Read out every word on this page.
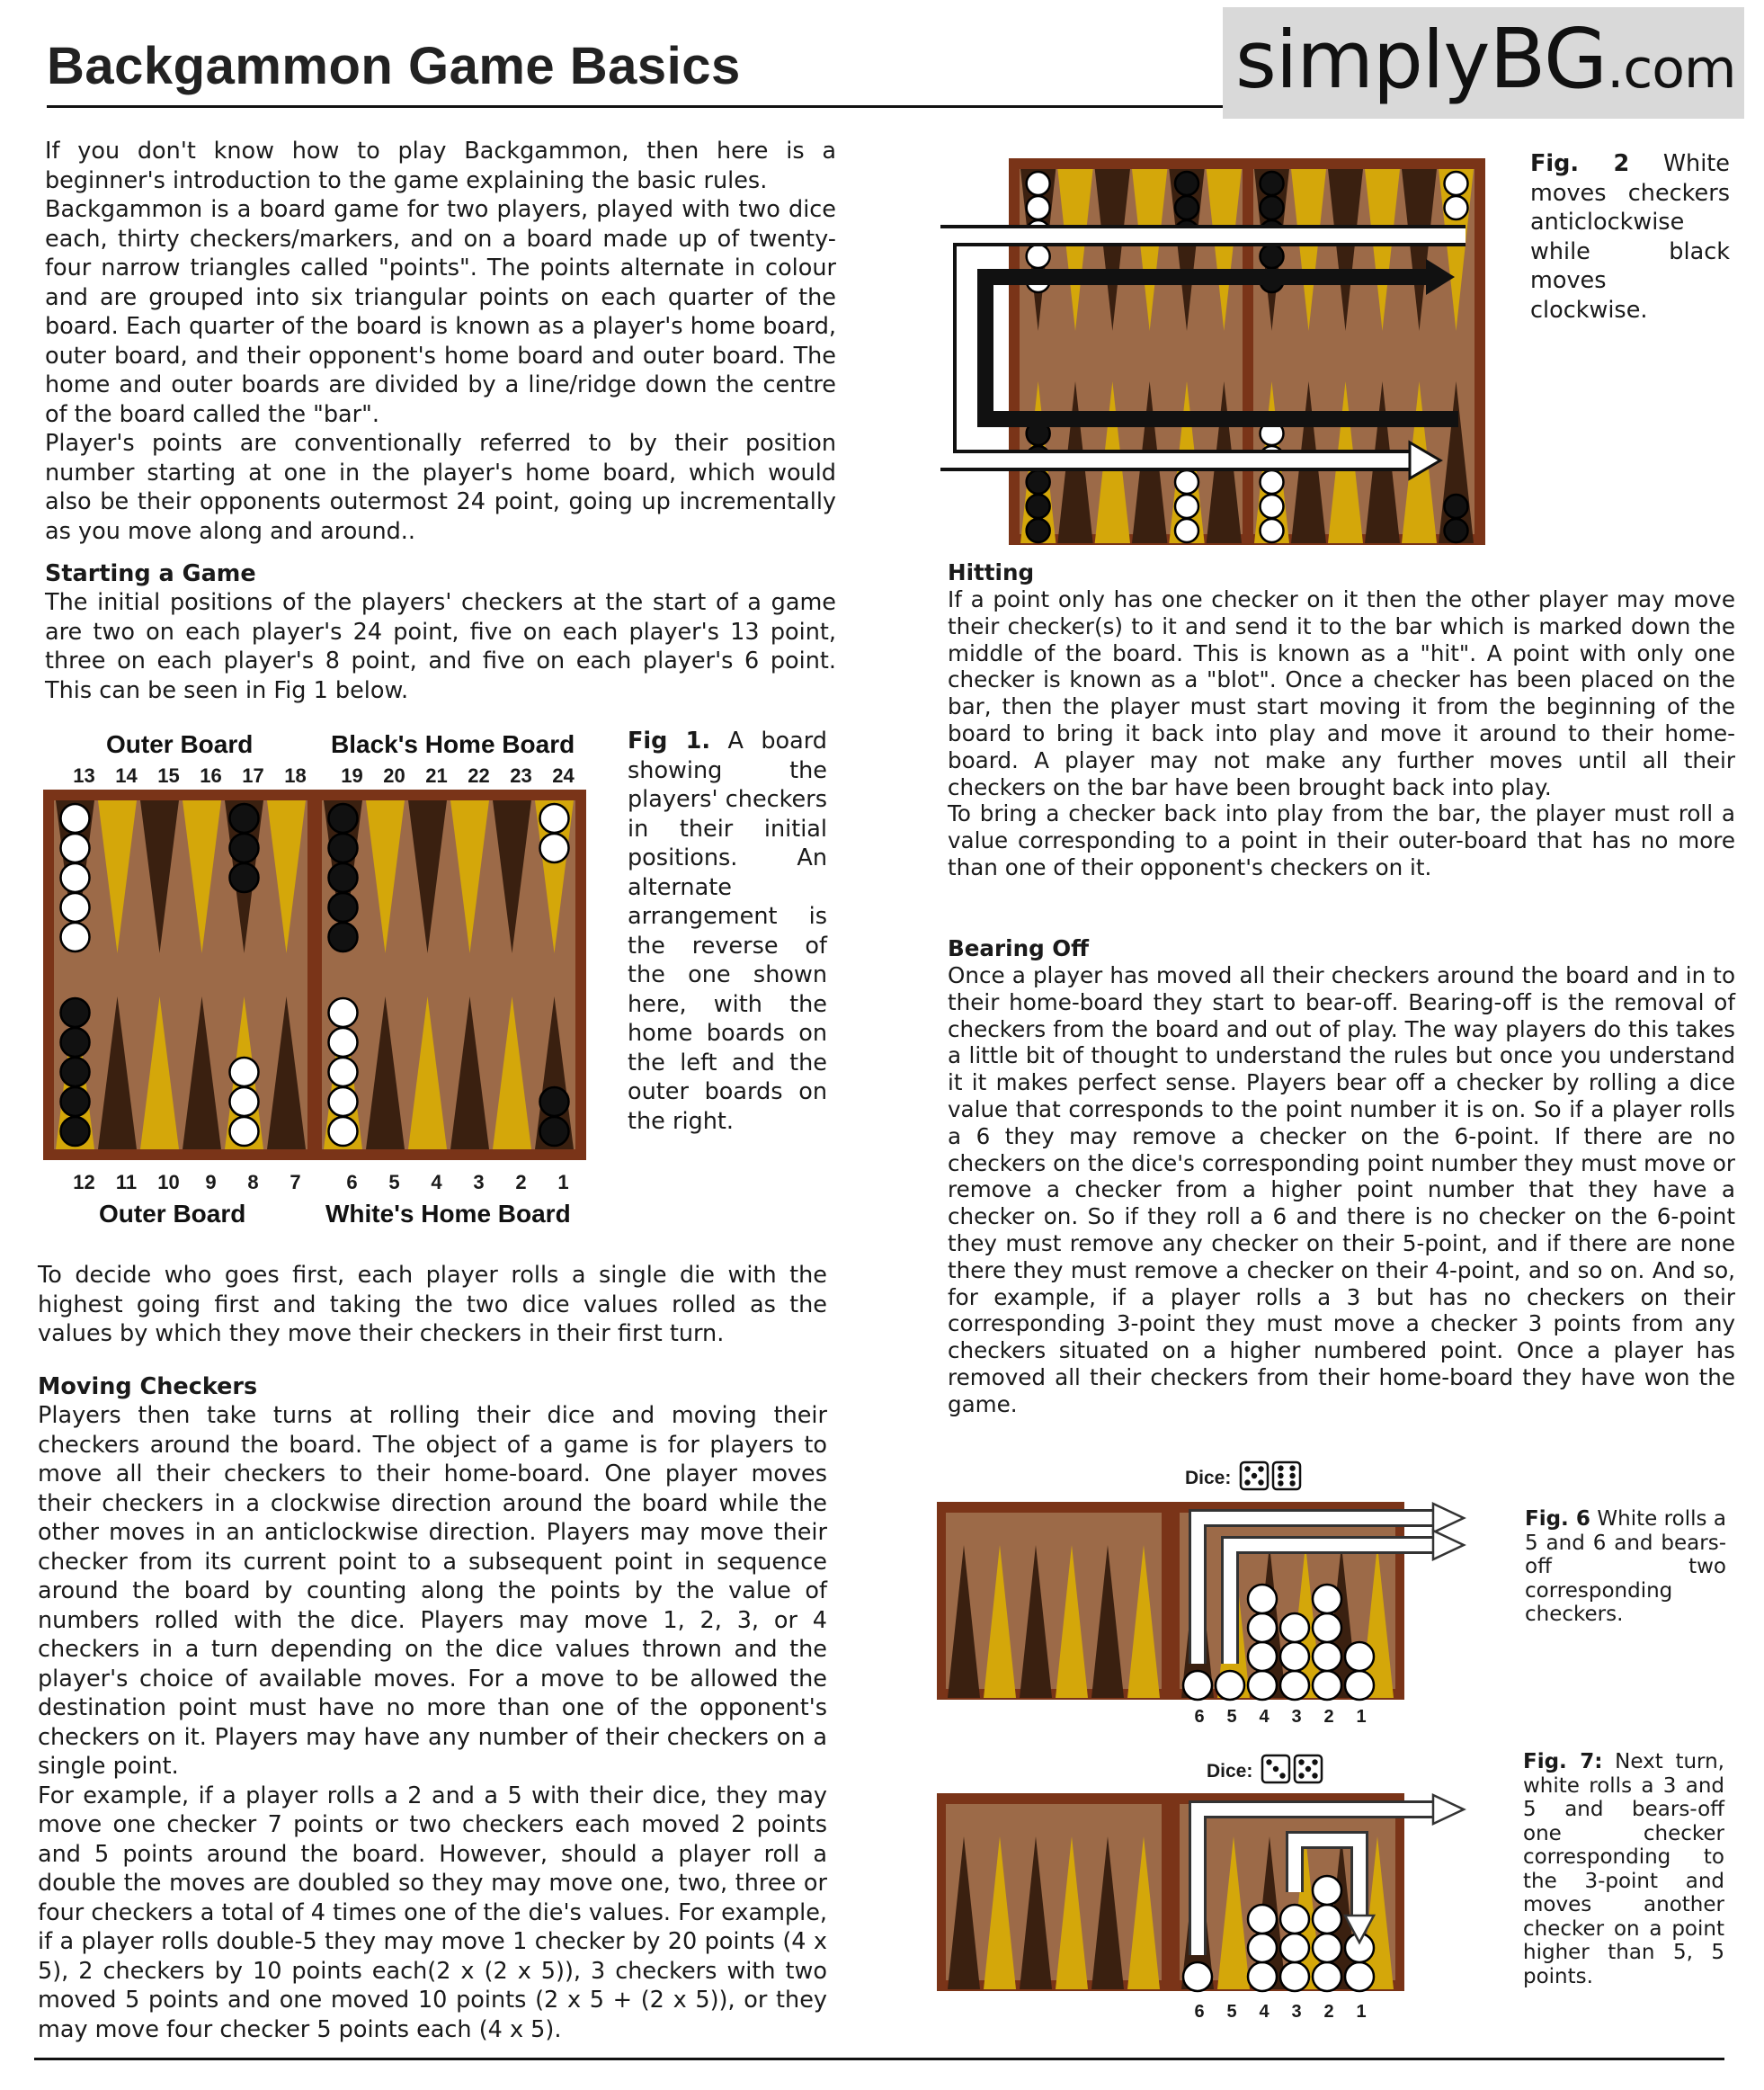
Backgammon Game Basics	simplyBG.com

If you don't know how to play Backgammon, then here is a beginner's introduction to the game explaining the basic rules.

Backgammon is a board game for two players, played with two dice each, thirty checkers/markers, and on a board made up of twenty-four narrow triangles called "points". The points alternate in colour and are grouped into six triangular points on each quarter of the board. Each quarter of the board is known as a player's home board, outer board, and their opponent's home board and outer board. The home and outer boards are divided by a line/ridge down the centre of the board called the "bar".

Player's points are conventionally referred to by their position number starting at one in the player's home board, which would also be their opponents outermost 24 point, going up incrementally as you move along and around..

Starting a Game
The initial positions of the players' checkers at the start of a game are two on each player's 24 point, five on each player's 13 point, three on each player's 8 point, and five on each player's 6 point. This can be seen in Fig 1 below.
Outer Board	Black's Home Board
13	14	15	16	17	18	19	20	21	22	23	24
12	11	10	9	8	7	6	5	4	3	2	1
Outer Board	White's Home Board
Fig 1. A board showing the players' checkers in their initial positions. An alternate arrangement is the reverse of the one shown here, with the home boards on the left and the outer boards on the right.
To decide who goes first, each player rolls a single die with the highest going first and taking the two dice values rolled as the values by which they move their checkers in their first turn.
Moving Checkers
Players then take turns at rolling their dice and moving their checkers around the board. The object of a game is for players to move all their checkers to their home-board. One player moves their checkers in a clockwise direction around the board while the other moves in an anticlockwise direction. Players may move their checker from its current point to a subsequent point in sequence around the board by counting along the points by the value of numbers rolled with the dice. Players may move 1, 2, 3, or 4 checkers in a turn depending on the dice values thrown and the player's choice of available moves. For a move to be allowed the destination point must have no more than one of the opponent's checkers on it. Players may have any number of their checkers on a single point.
For example, if a player rolls a 2 and a 5 with their dice, they may move one checker 7 points or two checkers each moved 2 points and 5 points around the board. However, should a player roll a double the moves are doubled so they may move one, two, three or four checkers a total of 4 times one of the die's values. For example, if a player rolls double-5 they may move 1 checker by 20 points (4 x 5), 2 checkers by 10 points each(2 x (2 x 5)), 3 checkers with two moved 5 points and one moved 10 points (2 x 5 + (2 x 5)), or they may move four checker 5 points each (4 x 5).
Fig. 2 White moves checkers anticlockwise while black moves clockwise.
Hitting
If a point only has one checker on it then the other player may move their checker(s) to it and send it to the bar which is marked down the middle of the board. This is known as a "hit". A point with only one checker is known as a "blot". Once a checker has been placed on the bar, then the player must start moving it from the beginning of the board to bring it back into play and move it around to their home-board. A player may not make any further moves until all their checkers on the bar have been brought back into play.
To bring a checker back into play from the bar, the player must roll a value corresponding to a point in their outer-board that has no more than one of their opponent's checkers on it.
Bearing Off
Once a player has moved all their checkers around the board and in to their home-board they start to bear-off. Bearing-off is the removal of checkers from the board and out of play. The way players do this takes a little bit of thought to understand the rules but once you understand it it makes perfect sense. Players bear off a checker by rolling a dice value that corresponds to the point number it is on. So if a player rolls a 6 they may remove a checker on the 6-point. If there are no checkers on the dice's corresponding point number they must move or remove a checker from a higher point number that they have a checker on. So if they roll a 6 and there is no checker on the 6-point they must remove any checker on their 5-point, and if there are none there they must remove a checker on their 4-point, and so on. And so, for example, if a player rolls a 3 but has no checkers on their corresponding 3-point they must move a checker 3 points from any checkers situated on a higher numbered point. Once a player has removed all their checkers from their home-board they have won the game.
Dice:
6	5	4	3	2	1
Fig. 6 White rolls a 5 and 6 and bears-off two corresponding checkers.
Dice:
6	5	4	3	2	1
Fig. 7: Next turn, white rolls a 3 and 5 and bears-off one checker corresponding to the 3-point and moves another checker on a point higher than 5, 5 points.
